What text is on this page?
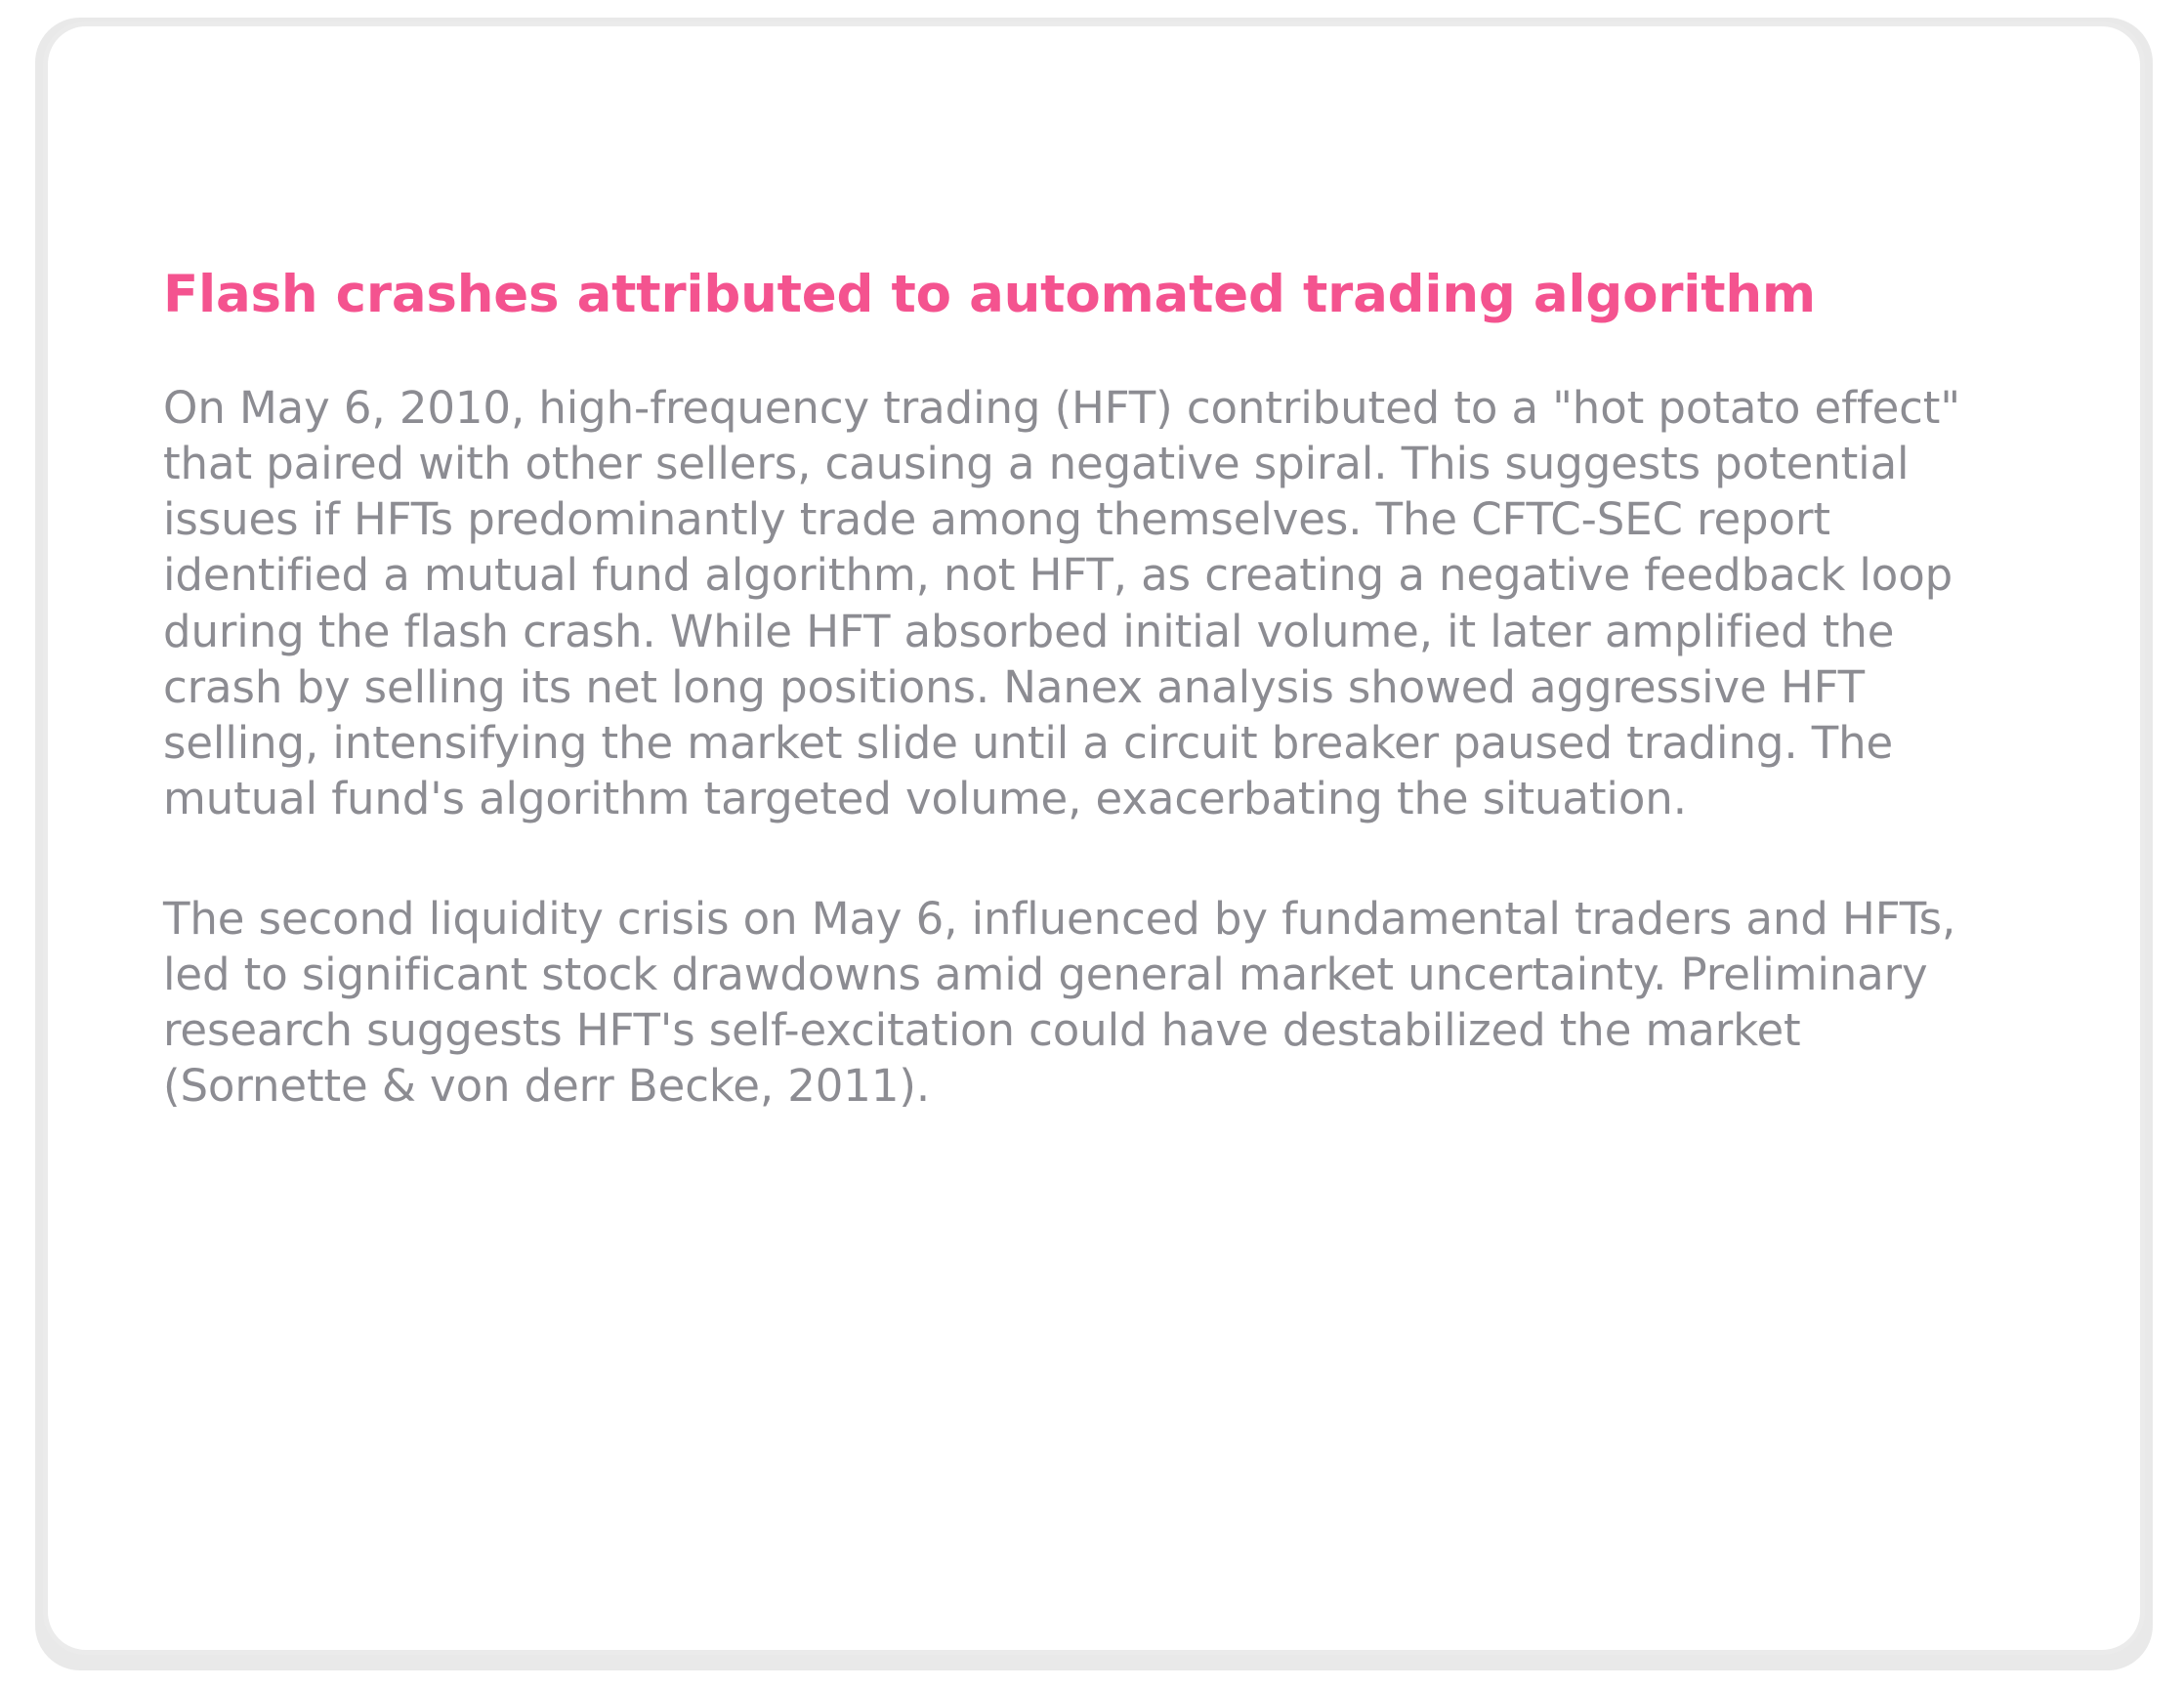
Flash crashes attributed to automated trading algorithm

On May 6, 2010, high-frequency trading (HFT) contributed to a "hot potato effect" that paired with other sellers, causing a negative spiral. This suggests potential issues if HFTs predominantly trade among themselves. The CFTC-SEC report identified a mutual fund algorithm, not HFT, as creating a negative feedback loop during the flash crash. While HFT absorbed initial volume, it later amplified the crash by selling its net long positions. Nanex analysis showed aggressive HFT selling, intensifying the market slide until a circuit breaker paused trading. The mutual fund's algorithm targeted volume, exacerbating the situation.

The second liquidity crisis on May 6, influenced by fundamental traders and HFTs, led to significant stock drawdowns amid general market uncertainty. Preliminary research suggests HFT's self-excitation could have destabilized the market (Sornette & von derr Becke, 2011).
